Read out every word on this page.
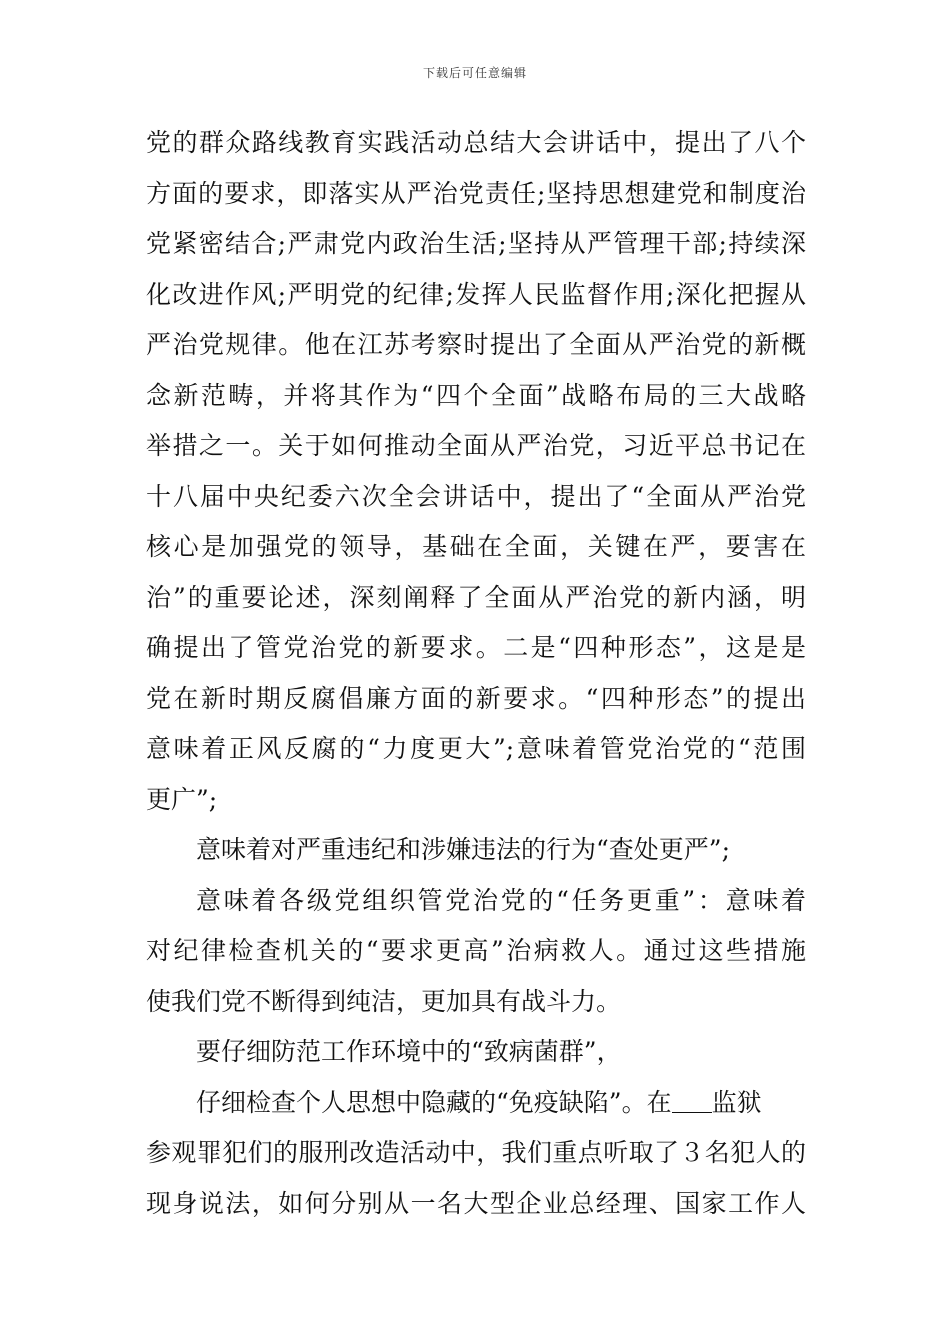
下载后可任意编辑
党的群众路线教育实践活动总结大会讲话中，提出了八个
方面的要求，即落实从严治党责任;坚持思想建党和制度治
党紧密结合;严肃党内政治生活;坚持从严管理干部;持续深
化改进作风;严明党的纪律;发挥人民监督作用;深化把握从
严治党规律。他在江苏考察时提出了全面从严治党的新概
念新范畴，并将其作为“四个全面”战略布局的三大战略
举措之一。关于如何推动全面从严治党，习近平总书记在
十八届中央纪委六次全会讲话中，提出了“全面从严治党
核心是加强党的领导，基础在全面，关键在严，要害在
治”的重要论述，深刻阐释了全面从严治党的新内涵，明
确提出了管党治党的新要求。二是“四种形态”，这是是
党在新时期反腐倡廉方面的新要求。“四种形态”的提出
意味着正风反腐的“力度更大”;意味着管党治党的“范围
更广”;
意味着对严重违纪和涉嫌违法的行为“查处更严”;
意味着各级党组织管党治党的“任务更重”：意味着
对纪律检查机关的“要求更高”治病救人。通过这些措施
使我们党不断得到纯洁，更加具有战斗力。
要仔细防范工作环境中的“致病菌群”，
仔细检查个人思想中隐藏的“免疫缺陷”。在 监狱
参观罪犯们的服刑改造活动中，我们重点听取了３名犯人的
现身说法，如何分别从一名大型企业总经理、国家工作人
